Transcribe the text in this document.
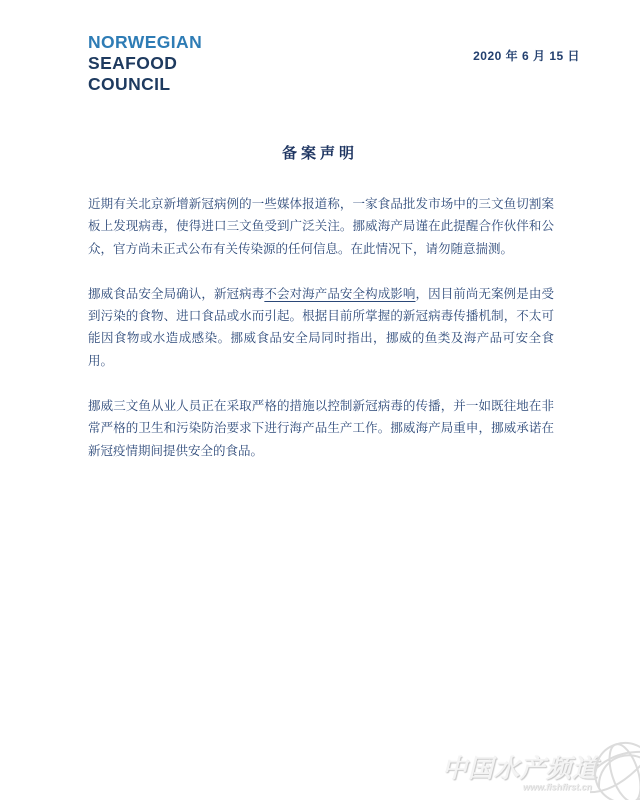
NORWEGIAN
SEAFOOD
COUNCIL
2020 年 6 月 15 日
备案声明

近期有关北京新增新冠病例的一些媒体报道称，一家食品批发市场中的三文鱼切割案板上发现病毒，使得进口三文鱼受到广泛关注。挪威海产局谨在此提醒合作伙伴和公众，官方尚未正式公布有关传染源的任何信息。在此情况下，请勿随意揣测。

挪威食品安全局确认，新冠病毒不会对海产品安全构成影响，因目前尚无案例是由受到污染的食物、进口食品或水而引起。根据目前所掌握的新冠病毒传播机制，不太可能因食物或水造成感染。挪威食品安全局同时指出，挪威的鱼类及海产品可安全食用。

挪威三文鱼从业人员正在采取严格的措施以控制新冠病毒的传播，并一如既往地在非常严格的卫生和污染防治要求下进行海产品生产工作。挪威海产局重申，挪威承诺在新冠疫情期间提供安全的食品。

中国水产频道
www.fishfirst.cn
